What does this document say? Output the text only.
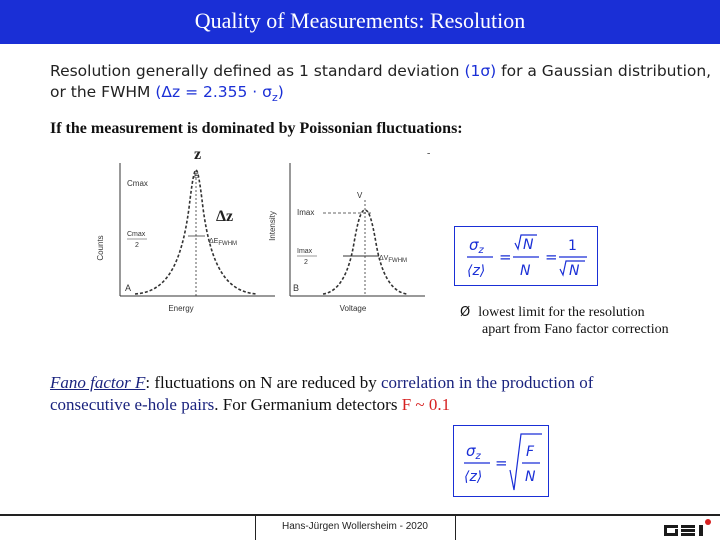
Quality of Measurements: Resolution
Resolution generally defined as 1 standard deviation (1σ) for a Gaussian distribution,
or the FWHM $(\Delta z = 2.355 \cdot \sigma_z)$
If the measurement is dominated by Poissonian fluctuations:
Counts
Energy
Cmax
Cmax
2
E
ΔEFWHM
A
Intensity
Voltage
Imax
Imax
2
V
ΔVFWHM
B
z
Δz
-
$\sigma_z$
⟨z⟩
=
N
N
=
1
N
Ø lowest limit for the resolution
apart from Fano factor correction
Fano factor F: fluctuations on N are reduced by correlation in the production of
consecutive e-hole pairs. For Germanium detectors F ~ 0.1
$\sigma_z$
⟨z⟩
=
F
N
Hans-Jürgen Wollersheim - 2020
